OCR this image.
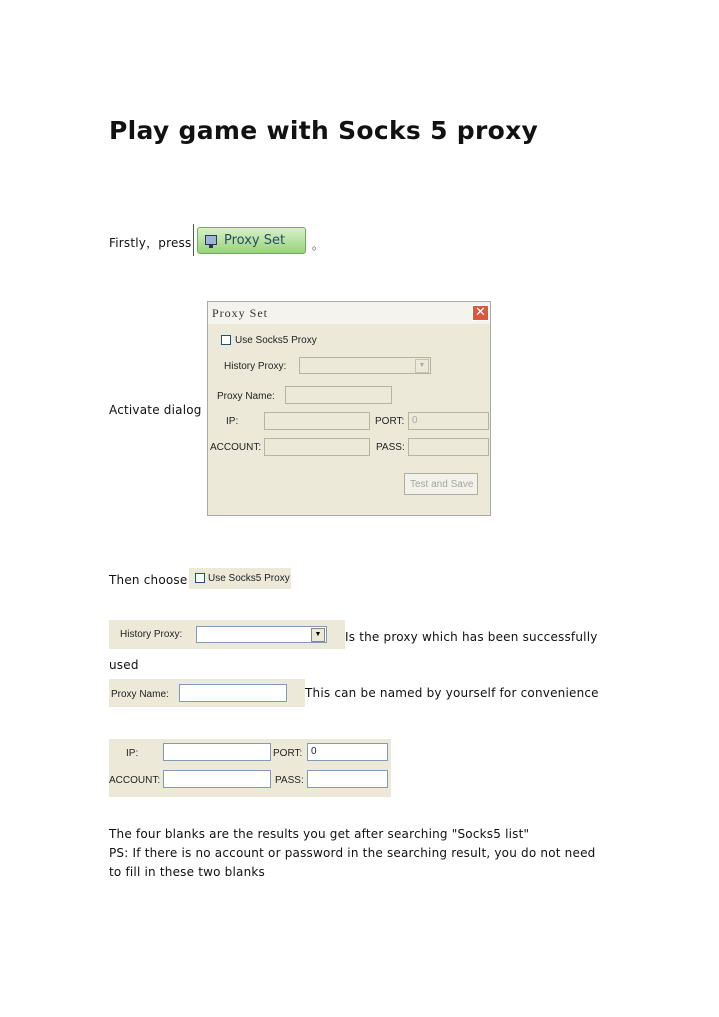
Play game with Socks 5 proxy
Firstly，press	Proxy Set 。
Activate dialog
Proxy Set	✕
Use Socks5 Proxy
History Proxy:	▼
Proxy Name:
IP:	PORT: 0
ACCOUNT:	PASS:
Test and Save
Then choose Use Socks5 Proxy
History Proxy:	▼ Is the proxy which has been successfully
used
Proxy Name:	This can be named by yourself for convenience
IP:	PORT: 0
ACCOUNT:	PASS:
The four blanks are the results you get after searching "Socks5 list"
PS: If there is no account or password in the searching result, you do not need
to fill in these two blanks
